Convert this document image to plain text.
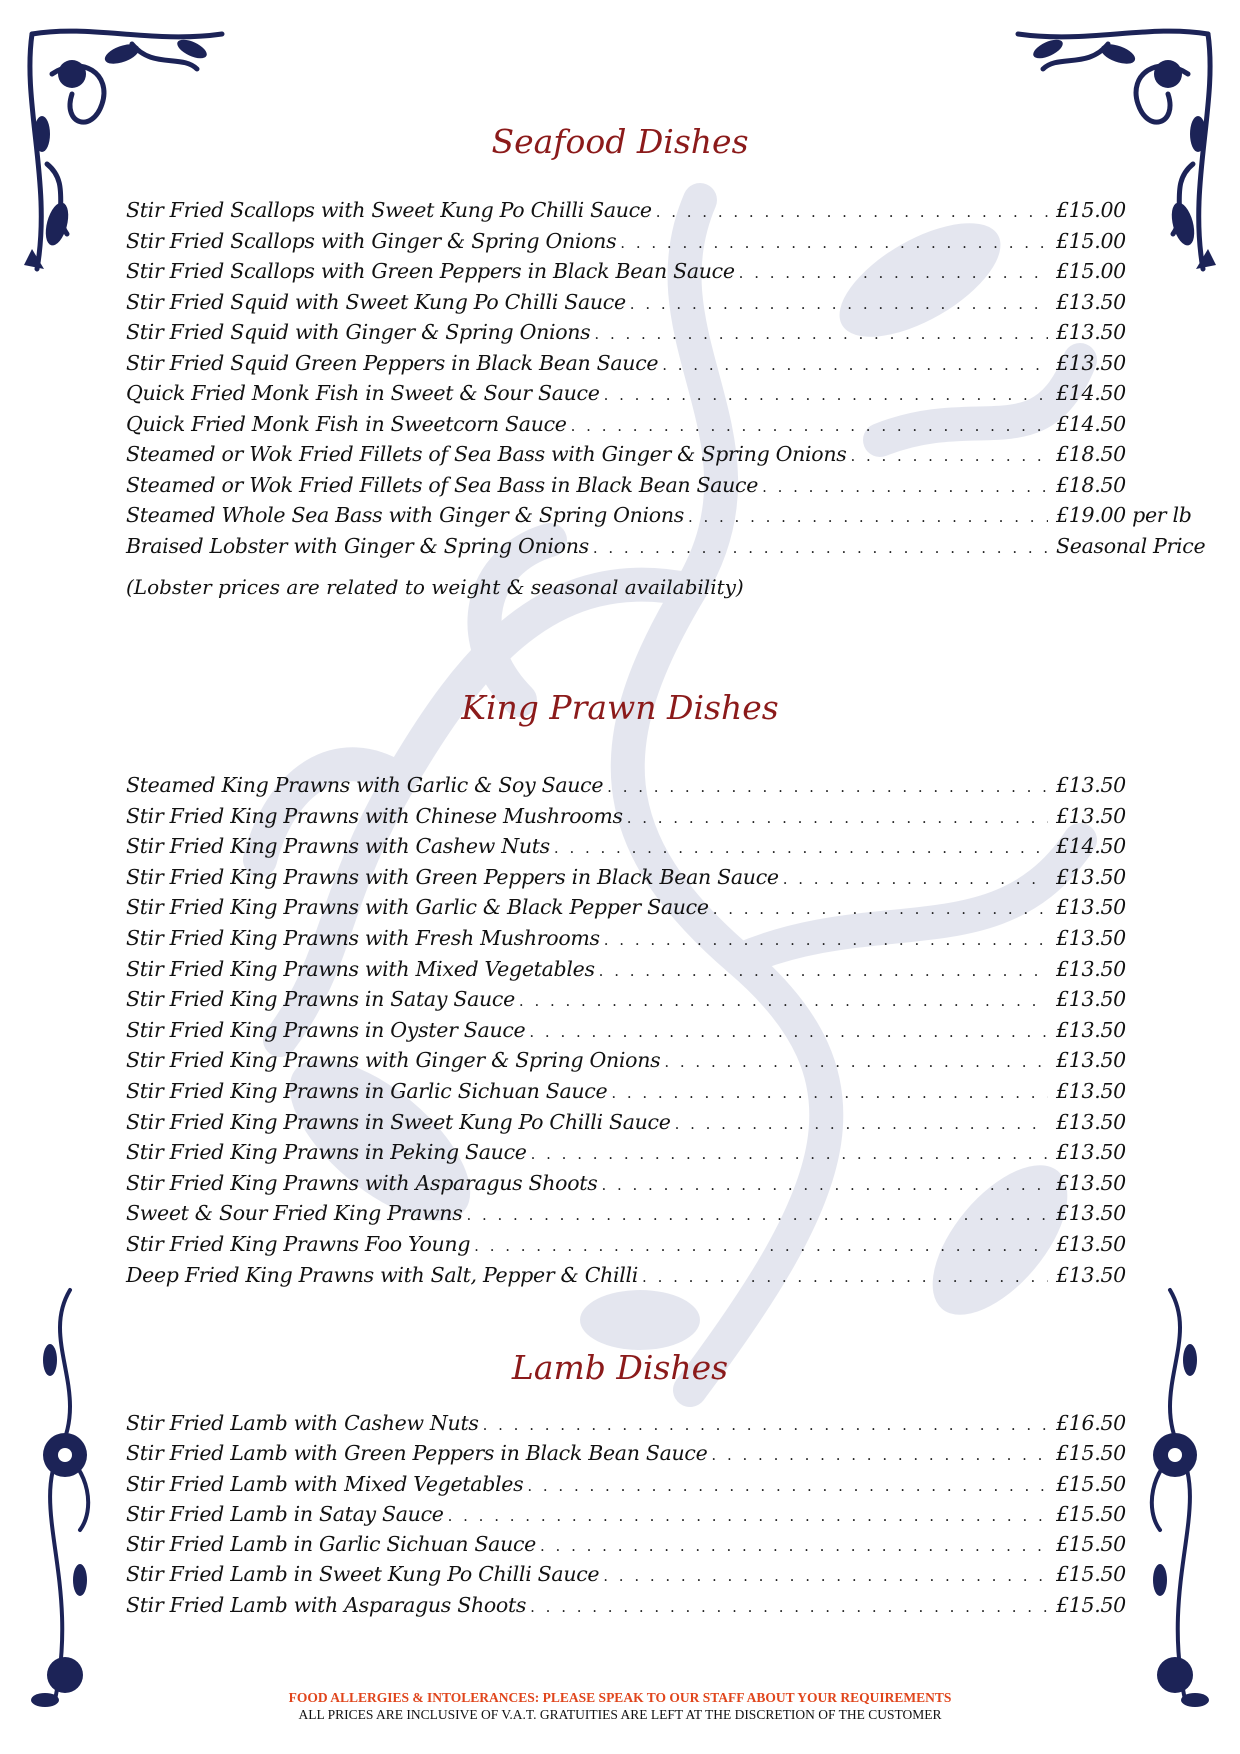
Seafood Dishes
Stir Fried Scallops with Sweet Kung Po Chilli Sauce . . .	£15.00
Stir Fried Scallops with Ginger & Spring Onions . . .	£15.00
Stir Fried Scallops with Green Peppers in Black Bean Sauce . . .	£15.00
Stir Fried Squid with Sweet Kung Po Chilli Sauce . . .	£13.50
Stir Fried Squid with Ginger & Spring Onions . . .	£13.50
Stir Fried Squid Green Peppers in Black Bean Sauce . . .	£13.50
Quick Fried Monk Fish in Sweet & Sour Sauce . . .	£14.50
Quick Fried Monk Fish in Sweetcorn Sauce . . .	£14.50
Steamed or Wok Fried Fillets of Sea Bass with Ginger & Spring Onions . . .	£18.50
Steamed or Wok Fried Fillets of Sea Bass in Black Bean Sauce . . .	£18.50
Steamed Whole Sea Bass with Ginger & Spring Onions . . .	£19.00 per lb
Braised Lobster with Ginger & Spring Onions . . .	Seasonal Price
(Lobster prices are related to weight & seasonal availability)
King Prawn Dishes
Steamed King Prawns with Garlic & Soy Sauce . . .	£13.50
Stir Fried King Prawns with Chinese Mushrooms . . .	£13.50
Stir Fried King Prawns with Cashew Nuts . . .	£14.50
Stir Fried King Prawns with Green Peppers in Black Bean Sauce . . .	£13.50
Stir Fried King Prawns with Garlic & Black Pepper Sauce . . .	£13.50
Stir Fried King Prawns with Fresh Mushrooms . . .	£13.50
Stir Fried King Prawns with Mixed Vegetables . . .	£13.50
Stir Fried King Prawns in Satay Sauce . . .	£13.50
Stir Fried King Prawns in Oyster Sauce . . .	£13.50
Stir Fried King Prawns with Ginger & Spring Onions . . .	£13.50
Stir Fried King Prawns in Garlic Sichuan Sauce . . .	£13.50
Stir Fried King Prawns in Sweet Kung Po Chilli Sauce . . .	£13.50
Stir Fried King Prawns in Peking Sauce . . .	£13.50
Stir Fried King Prawns with Asparagus Shoots . . .	£13.50
Sweet & Sour Fried King Prawns . . .	£13.50
Stir Fried King Prawns Foo Young . . .	£13.50
Deep Fried King Prawns with Salt, Pepper & Chilli . . .	£13.50
Lamb Dishes
Stir Fried Lamb with Cashew Nuts . . .	£16.50
Stir Fried Lamb with Green Peppers in Black Bean Sauce . . .	£15.50
Stir Fried Lamb with Mixed Vegetables . . .	£15.50
Stir Fried Lamb in Satay Sauce . . .	£15.50
Stir Fried Lamb in Garlic Sichuan Sauce . . .	£15.50
Stir Fried Lamb in Sweet Kung Po Chilli Sauce . . .	£15.50
Stir Fried Lamb with Asparagus Shoots . . .	£15.50
FOOD ALLERGIES & INTOLERANCES: PLEASE SPEAK TO OUR STAFF ABOUT YOUR REQUIREMENTS
ALL PRICES ARE INCLUSIVE OF V.A.T. GRATUITIES ARE LEFT AT THE DISCRETION OF THE CUSTOMER
